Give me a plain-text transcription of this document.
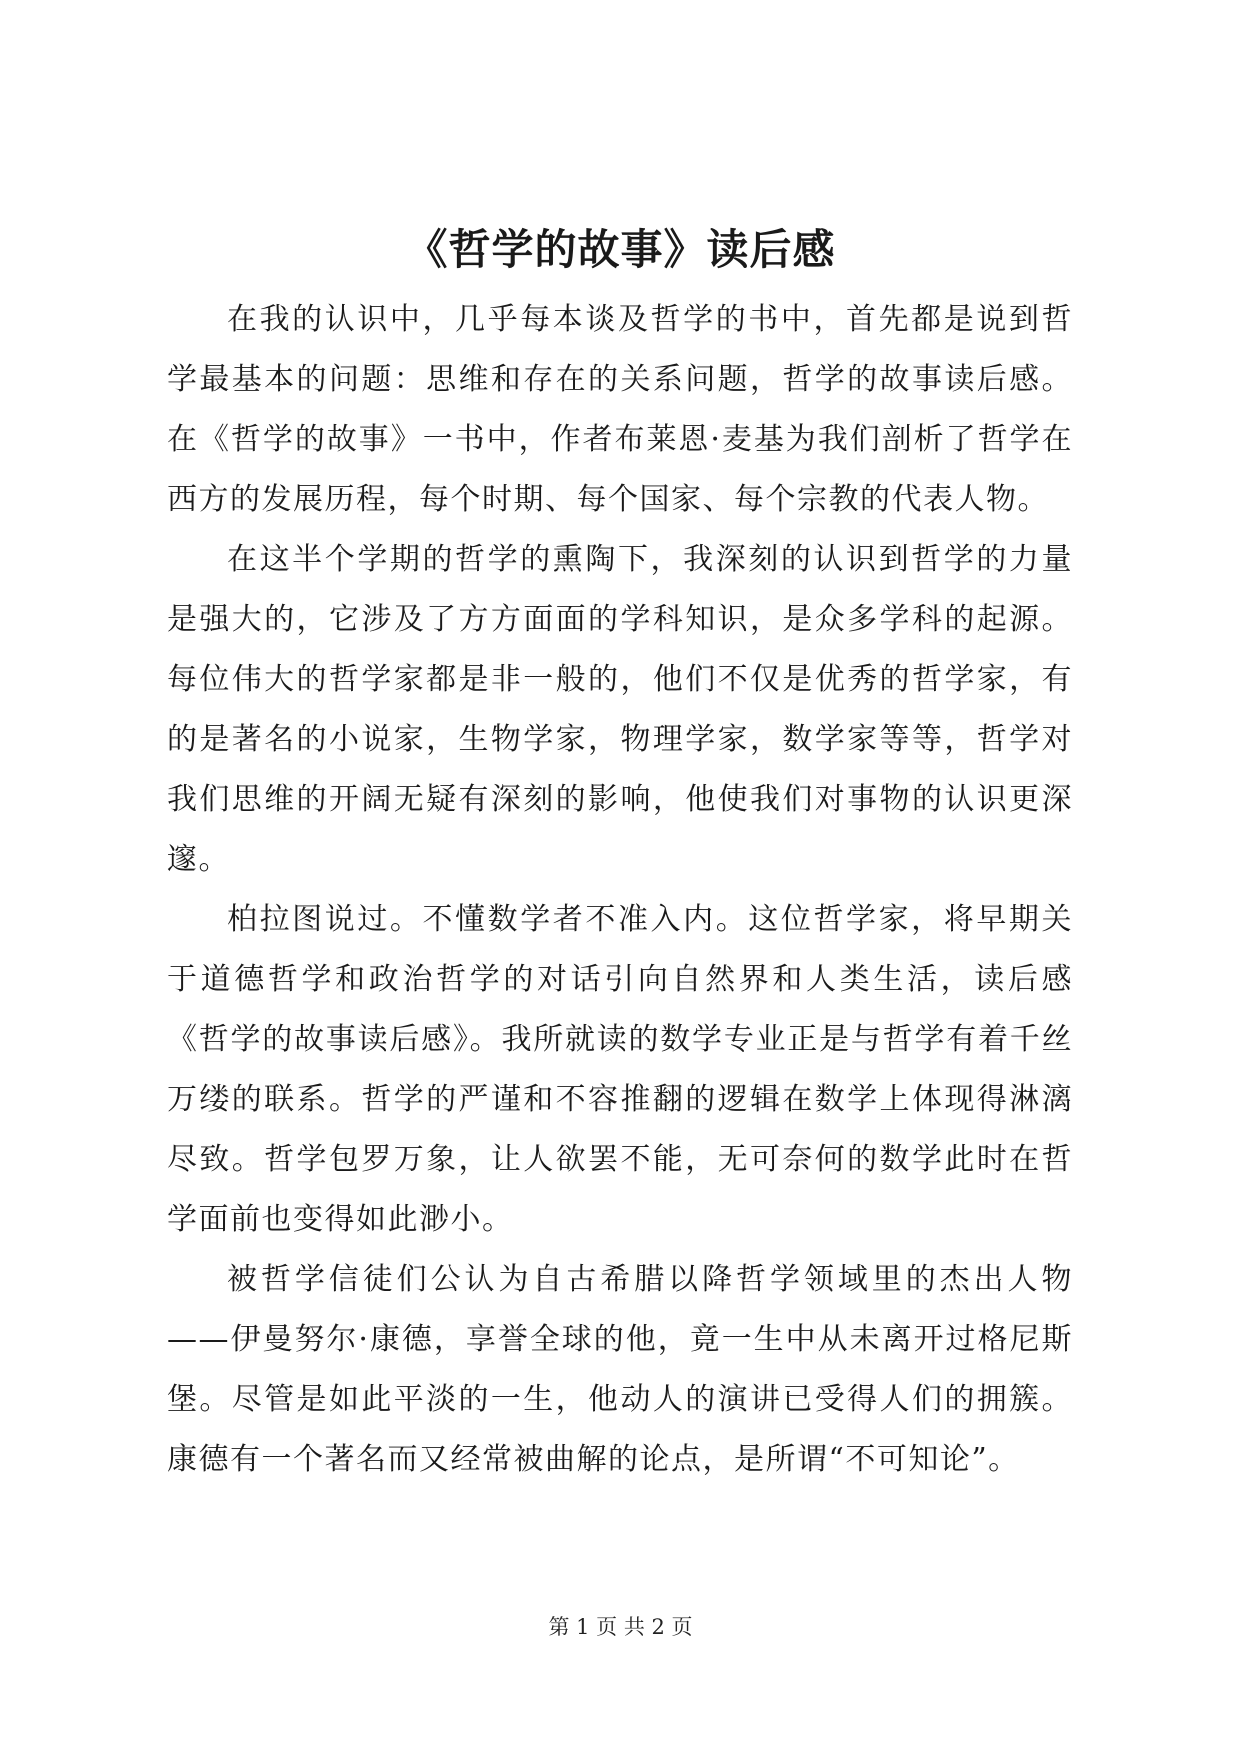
《哲学的故事》读后感

在我的认识中，几乎每本谈及哲学的书中，首先都是说到哲学最基本的问题：思维和存在的关系问题，哲学的故事读后感。在《哲学的故事》一书中，作者布莱恩·麦基为我们剖析了哲学在西方的发展历程，每个时期、每个国家、每个宗教的代表人物。

在这半个学期的哲学的熏陶下，我深刻的认识到哲学的力量是强大的，它涉及了方方面面的学科知识，是众多学科的起源。每位伟大的哲学家都是非一般的，他们不仅是优秀的哲学家，有的是著名的小说家，生物学家，物理学家，数学家等等，哲学对我们思维的开阔无疑有深刻的影响，他使我们对事物的认识更深邃。

柏拉图说过。不懂数学者不准入内。这位哲学家，将早期关于道德哲学和政治哲学的对话引向自然界和人类生活，读后感《哲学的故事读后感》。我所就读的数学专业正是与哲学有着千丝万缕的联系。哲学的严谨和不容推翻的逻辑在数学上体现得淋漓尽致。哲学包罗万象，让人欲罢不能，无可奈何的数学此时在哲学面前也变得如此渺小。

被哲学信徒们公认为自古希腊以降哲学领域里的杰出人物——伊曼努尔·康德，享誉全球的他，竟一生中从未离开过格尼斯堡。尽管是如此平淡的一生，他动人的演讲已受得人们的拥簇。康德有一个著名而又经常被曲解的论点，是所谓“不可知论”。

第 1 页 共 2 页
